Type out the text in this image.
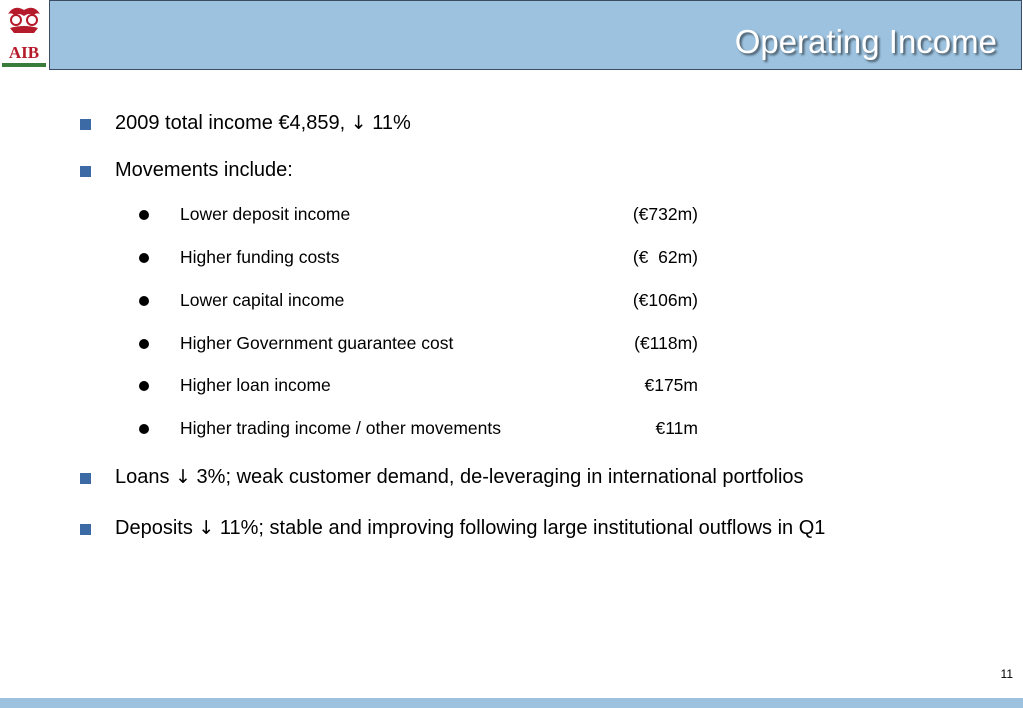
AIB	Operating Income
2009 total income €4,859, ↓ 11%
Movements include:
Lower deposit income	(€732m)
Higher funding costs	(€  62m)
Lower capital income	(€106m)
Higher Government guarantee cost	(€118m)
Higher loan income	€175m
Higher trading income / other movements	€11m
Loans ↓ 3%; weak customer demand, de-leveraging in international portfolios
Deposits ↓ 11%; stable and improving following large institutional outflows in Q1
11
